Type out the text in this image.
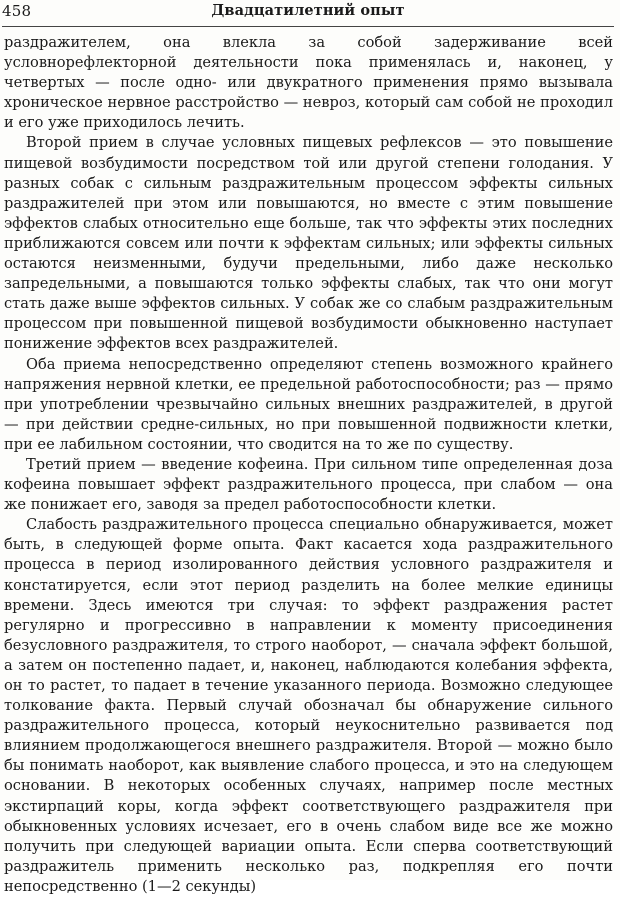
458	Двадцатилетний опыт

раздражителем, она влекла за собой задерживание всей условнорефлекторной деятельности пока применялась и, наконец, у четвертых — после одно- или двукратного применения прямо вызывала хроническое нервное расстройство — невроз, который сам собой не проходил и его уже приходилось лечить.

Второй прием в случае условных пищевых рефлексов — это повышение пищевой возбудимости посредством той или другой степени голодания. У разных собак с сильным раздражительным процессом эффекты сильных раздражителей при этом или повышаются, но вместе с этим повышение эффектов слабых относительно еще больше, так что эффекты этих последних приближаются совсем или почти к эффектам сильных; или эффекты сильных остаются неизменными, будучи предельными, либо даже несколько запредельными, а повышаются только эффекты слабых, так что они могут стать даже выше эффектов сильных. У собак же со слабым раздражительным процессом при повышенной пищевой возбудимости обыкновенно наступает понижение эффектов всех раздражителей.

Оба приема непосредственно определяют степень возможного крайнего напряжения нервной клетки, ее предельной работоспособности; раз — прямо при употреблении чрезвычайно сильных внешних раздражителей, в другой — при действии средне-сильных, но при повышенной подвижности клетки, при ее лабильном состоянии, что сводится на то же по существу.

Третий прием — введение кофеина. При сильном типе определенная доза кофеина повышает эффект раздражительного процесса, при слабом — она же понижает его, заводя за предел работоспособности клетки.

Слабость раздражительного процесса специально обнаруживается, может быть, в следующей форме опыта. Факт касается хода раздражительного процесса в период изолированного действия условного раздражителя и констатируется, если этот период разделить на более мелкие единицы времени. Здесь имеются три случая: то эффект раздражения растет регулярно и прогрессивно в направлении к моменту присоединения безусловного раздражителя, то строго наоборот, — сначала эффект большой, а затем он постепенно падает, и, наконец, наблюдаются колебания эффекта, он то растет, то падает в течение указанного периода. Возможно следующее толкование факта. Первый случай обозначал бы обнаружение сильного раздражительного процесса, который неукоснительно развивается под влиянием продолжающегося внешнего раздражителя. Второй — можно было бы понимать наоборот, как выявление слабого процесса, и это на следующем основании. В некоторых особенных случаях, например после местных экстирпаций коры, когда эффект соответствующего раздражителя при обыкновенных условиях исчезает, его в очень слабом виде все же можно получить при следующей вариации опыта. Если сперва соответствующий раздражитель применить несколько раз, подкрепляя его почти непосредственно (1—2 секунды)
